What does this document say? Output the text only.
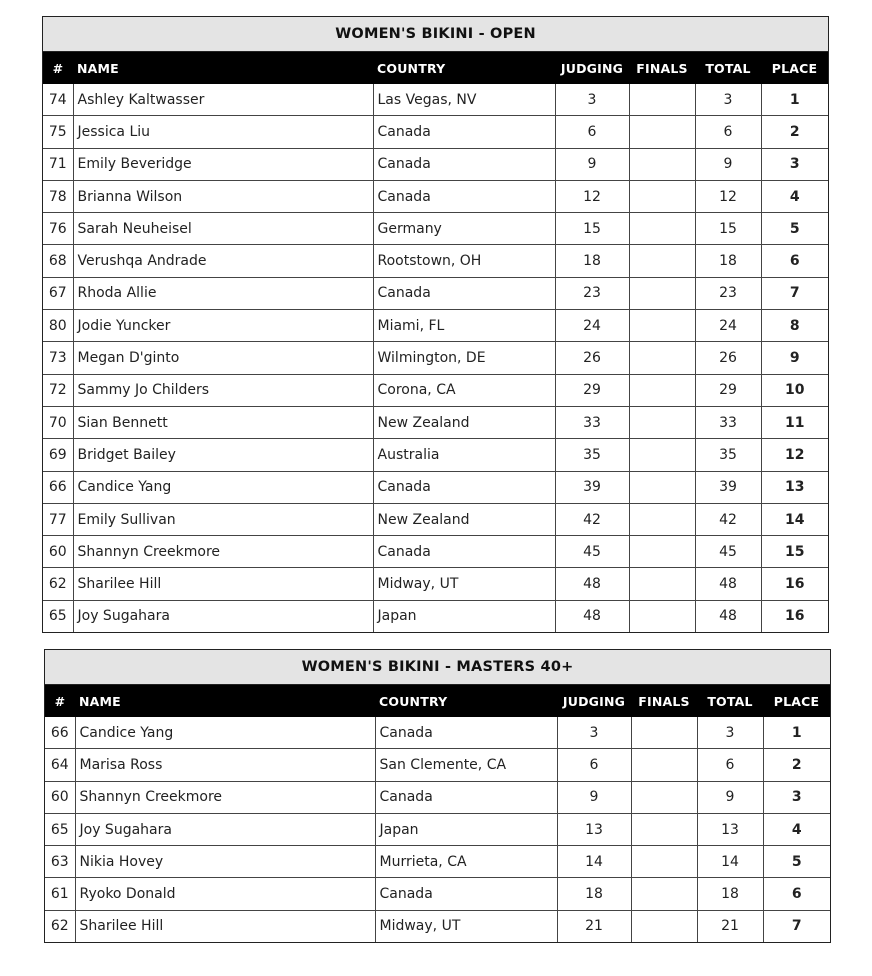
WOMEN'S BIKINI - OPEN						
#	NAME	COUNTRY	JUDGING	FINALS	TOTAL	PLACE
74	Ashley Kaltwasser	Las Vegas, NV	3		3	1
75	Jessica Liu	Canada	6		6	2
71	Emily Beveridge	Canada	9		9	3
78	Brianna Wilson	Canada	12		12	4
76	Sarah Neuheisel	Germany	15		15	5
68	Verushqa Andrade	Rootstown, OH	18		18	6
67	Rhoda Allie	Canada	23		23	7
80	Jodie Yuncker	Miami, FL	24		24	8
73	Megan D'ginto	Wilmington, DE	26		26	9
72	Sammy Jo Childers	Corona, CA	29		29	10
70	Sian Bennett	New Zealand	33		33	11
69	Bridget Bailey	Australia	35		35	12
66	Candice Yang	Canada	39		39	13
77	Emily Sullivan	New Zealand	42		42	14
60	Shannyn Creekmore	Canada	45		45	15
62	Sharilee Hill	Midway, UT	48		48	16
65	Joy Sugahara	Japan	48		48	16
WOMEN'S BIKINI - MASTERS 40+						
#	NAME	COUNTRY	JUDGING	FINALS	TOTAL	PLACE
66	Candice Yang	Canada	3		3	1
64	Marisa Ross	San Clemente, CA	6		6	2
60	Shannyn Creekmore	Canada	9		9	3
65	Joy Sugahara	Japan	13		13	4
63	Nikia Hovey	Murrieta, CA	14		14	5
61	Ryoko Donald	Canada	18		18	6
62	Sharilee Hill	Midway, UT	21		21	7
